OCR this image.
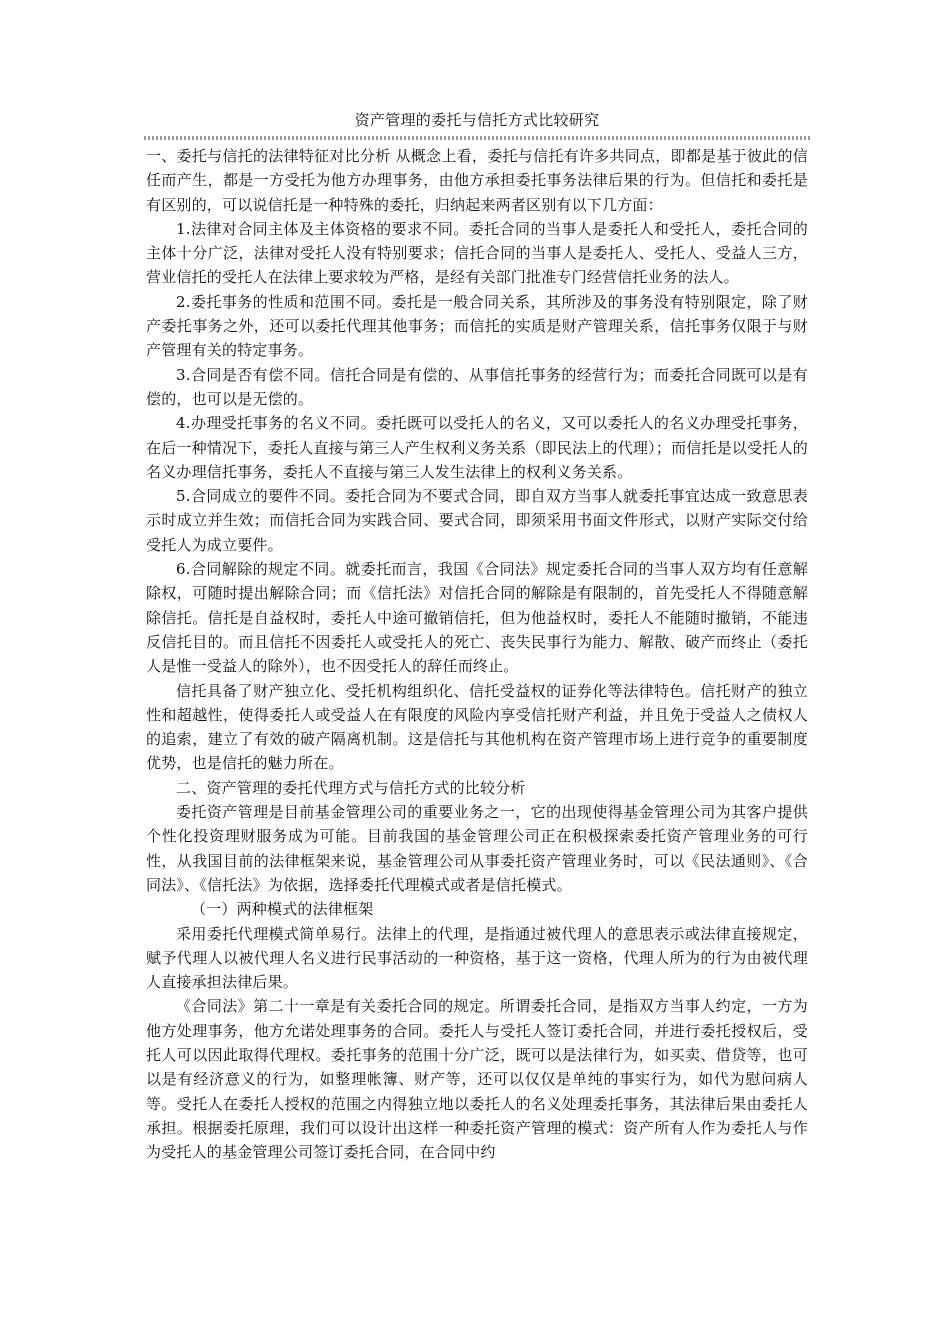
资产管理的委托与信托方式比较研究

一、委托与信托的法律特征对比分析 从概念上看，委托与信托有许多共同点，即都是基于彼此的信任而产生，都是一方受托为他方办理事务，由他方承担委托事务法律后果的行为。但信托和委托是有区别的，可以说信托是一种特殊的委托，归纳起来两者区别有以下几方面：

1.法律对合同主体及主体资格的要求不同。委托合同的当事人是委托人和受托人，委托合同的主体十分广泛，法律对受托人没有特别要求；信托合同的当事人是委托人、受托人、受益人三方，营业信托的受托人在法律上要求较为严格，是经有关部门批准专门经营信托业务的法人。

2.委托事务的性质和范围不同。委托是一般合同关系，其所涉及的事务没有特别限定，除了财产委托事务之外，还可以委托代理其他事务；而信托的实质是财产管理关系，信托事务仅限于与财产管理有关的特定事务。

3.合同是否有偿不同。信托合同是有偿的、从事信托事务的经营行为；而委托合同既可以是有偿的，也可以是无偿的。

4.办理受托事务的名义不同。委托既可以受托人的名义，又可以委托人的名义办理受托事务，在后一种情况下，委托人直接与第三人产生权利义务关系（即民法上的代理）；而信托是以受托人的名义办理信托事务，委托人不直接与第三人发生法律上的权利义务关系。

5.合同成立的要件不同。委托合同为不要式合同，即自双方当事人就委托事宜达成一致意思表示时成立并生效；而信托合同为实践合同、要式合同，即须采用书面文件形式，以财产实际交付给受托人为成立要件。

6.合同解除的规定不同。就委托而言，我国《合同法》规定委托合同的当事人双方均有任意解除权，可随时提出解除合同；而《信托法》对信托合同的解除是有限制的，首先受托人不得随意解除信托。信托是自益权时，委托人中途可撤销信托，但为他益权时，委托人不能随时撤销，不能违反信托目的。而且信托不因委托人或受托人的死亡、丧失民事行为能力、解散、破产而终止（委托人是惟一受益人的除外），也不因受托人的辞任而终止。

信托具备了财产独立化、受托机构组织化、信托受益权的证券化等法律特色。信托财产的独立性和超越性，使得委托人或受益人在有限度的风险内享受信托财产利益，并且免于受益人之债权人的追索，建立了有效的破产隔离机制。这是信托与其他机构在资产管理市场上进行竞争的重要制度优势，也是信托的魅力所在。

二、资产管理的委托代理方式与信托方式的比较分析

委托资产管理是目前基金管理公司的重要业务之一，它的出现使得基金管理公司为其客户提供个性化投资理财服务成为可能。目前我国的基金管理公司正在积极探索委托资产管理业务的可行性，从我国目前的法律框架来说，基金管理公司从事委托资产管理业务时，可以《民法通则》、《合同法》、《信托法》为依据，选择委托代理模式或者是信托模式。

（一）两种模式的法律框架

采用委托代理模式简单易行。法律上的代理，是指通过被代理人的意思表示或法律直接规定，赋予代理人以被代理人名义进行民事活动的一种资格，基于这一资格，代理人所为的行为由被代理人直接承担法律后果。

《合同法》第二十一章是有关委托合同的规定。所谓委托合同，是指双方当事人约定，一方为他方处理事务，他方允诺处理事务的合同。委托人与受托人签订委托合同，并进行委托授权后，受托人可以因此取得代理权。委托事务的范围十分广泛，既可以是法律行为，如买卖、借贷等，也可以是有经济意义的行为，如整理帐簿、财产等，还可以仅仅是单纯的事实行为，如代为慰问病人等。受托人在委托人授权的范围之内得独立地以委托人的名义处理委托事务，其法律后果由委托人承担。根据委托原理，我们可以设计出这样一种委托资产管理的模式：资产所有人作为委托人与作为受托人的基金管理公司签订委托合同，在合同中约
